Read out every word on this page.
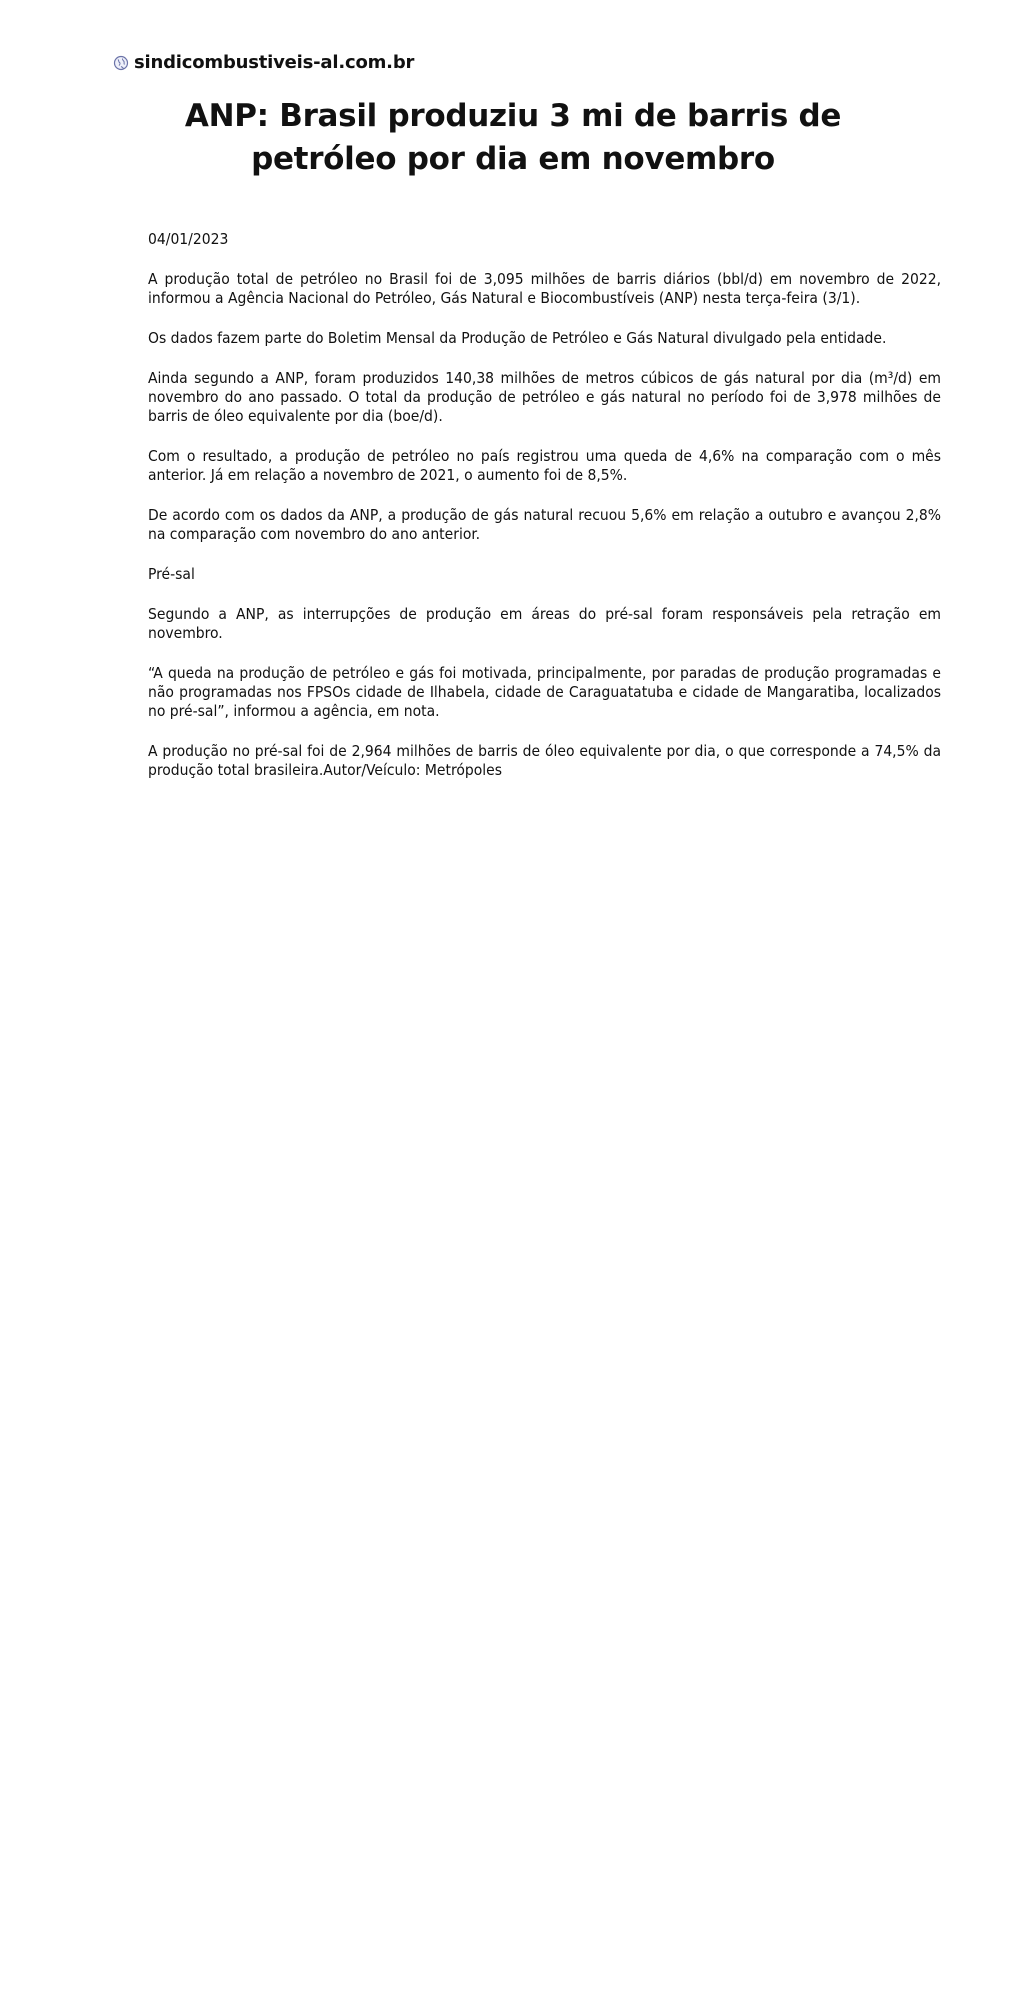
sindicombustiveis-al.com.br
ANP: Brasil produziu 3 mi de barris de petróleo por dia em novembro

04/01/2023

A produção total de petróleo no Brasil foi de 3,095 milhões de barris diários (bbl/d) em novembro de 2022, informou a Agência Nacional do Petróleo, Gás Natural e Biocombustíveis (ANP) nesta terça-feira (3/1).

Os dados fazem parte do Boletim Mensal da Produção de Petróleo e Gás Natural divulgado pela entidade.

Ainda segundo a ANP, foram produzidos 140,38 milhões de metros cúbicos de gás natural por dia (m³/d) em novembro do ano passado. O total da produção de petróleo e gás natural no período foi de 3,978 milhões de barris de óleo equivalente por dia (boe/d).

Com o resultado, a produção de petróleo no país registrou uma queda de 4,6% na comparação com o mês anterior. Já em relação a novembro de 2021, o aumento foi de 8,5%.

De acordo com os dados da ANP, a produção de gás natural recuou 5,6% em relação a outubro e avançou 2,8% na comparação com novembro do ano anterior.

Pré-sal

Segundo a ANP, as interrupções de produção em áreas do pré-sal foram responsáveis pela retração em novembro.

“A queda na produção de petróleo e gás foi motivada, principalmente, por paradas de produção programadas e não programadas nos FPSOs cidade de Ilhabela, cidade de Caraguatatuba e cidade de Mangaratiba, localizados no pré-sal”, informou a agência, em nota.

A produção no pré-sal foi de 2,964 milhões de barris de óleo equivalente por dia, o que corresponde a 74,5% da produção total brasileira.Autor/Veículo: Metrópoles
